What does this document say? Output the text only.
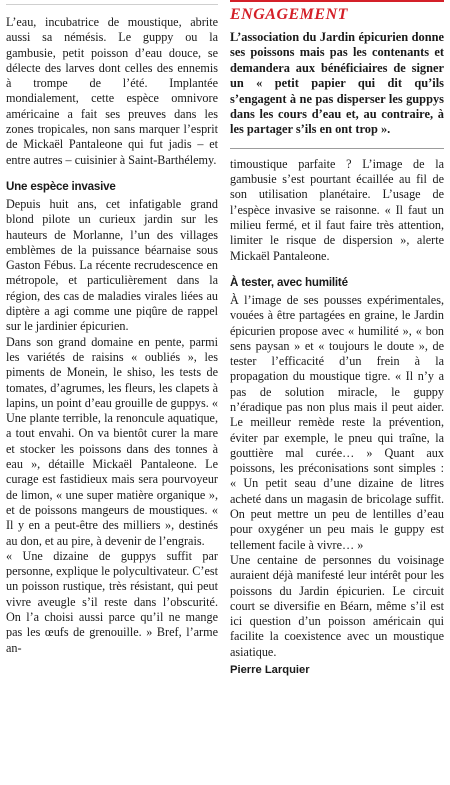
L’eau, incubatrice de moustique, abrite aussi sa némésis. Le guppy ou la gambusie, petit poisson d’eau douce, se délecte des larves dont celles des ennemis à trompe de l’été. Implantée mondialement, cette espèce omnivore américaine a fait ses preuves dans les zones tropicales, non sans marquer l’esprit de Mickaël Pantaleone qui fut jadis – et entre autres – cuisinier à Saint-Barthélemy.

Une espèce invasive

Depuis huit ans, cet infatigable grand blond pilote un curieux jardin sur les hauteurs de Morlanne, l’un des villages emblèmes de la puissance béarnaise sous Gaston Fébus. La récente recrudescence en métropole, et particulièrement dans la région, des cas de maladies virales liées au diptère a agi comme une piqûre de rappel sur le jardinier épicurien.

Dans son grand domaine en pente, parmi les variétés de raisins « oubliés », les piments de Monein, le shiso, les tests de tomates, d’agrumes, les fleurs, les clapets à lapins, un point d’eau grouille de guppys. « Une plante terrible, la renoncule aquatique, a tout envahi. On va bientôt curer la mare et stocker les poissons dans des tonnes à eau », détaille Mickaël Pantaleone. Le curage est fastidieux mais sera pourvoyeur de limon, « une super matière organique », et de poissons mangeurs de moustiques. « Il y en a peut-être des milliers », destinés au don, et au pire, à devenir de l’engrais.

« Une dizaine de guppys suffit par personne, explique le polycultivateur. C’est un poisson rustique, très résistant, qui peut vivre aveugle s’il reste dans l’obscurité. On l’a choisi aussi parce qu’il ne mange pas les œufs de grenouille. » Bref, l’arme an-

ENGAGEMENT

L’association du Jardin épicurien donne ses poissons mais pas les contenants et demandera aux bénéficiaires de signer un « petit papier qui dit qu’ils s’engagent à ne pas disperser les guppys dans les cours d’eau et, au contraire, à les partager s’ils en ont trop ».

timoustique parfaite ? L’image de la gambusie s’est pourtant écaillée au fil de son utilisation planétaire. L’usage de l’espèce invasive se raisonne. « Il faut un milieu fermé, et il faut faire très attention, limiter le risque de dispersion », alerte Mickaël Pantaleone.

À tester, avec humilité

À l’image de ses pousses expérimentales, vouées à être partagées en graine, le Jardin épicurien propose avec « humilité », « bon sens paysan » et « toujours le doute », de tester l’efficacité d’un frein à la propagation du moustique tigre. « Il n’y a pas de solution miracle, le guppy n’éradique pas non plus mais il peut aider. Le meilleur remède reste la prévention, éviter par exemple, le pneu qui traîne, la gouttière mal curée… » Quant aux poissons, les préconisations sont simples : « Un petit seau d’une dizaine de litres acheté dans un magasin de bricolage suffit. On peut mettre un peu de lentilles d’eau pour oxygéner un peu mais le guppy est tellement facile à vivre… »

Une centaine de personnes du voisinage auraient déjà manifesté leur intérêt pour les poissons du Jardin épicurien. Le circuit court se diversifie en Béarn, même s’il est ici question d’un poisson américain qui facilite la coexistence avec un moustique asiatique.

Pierre Larquier
